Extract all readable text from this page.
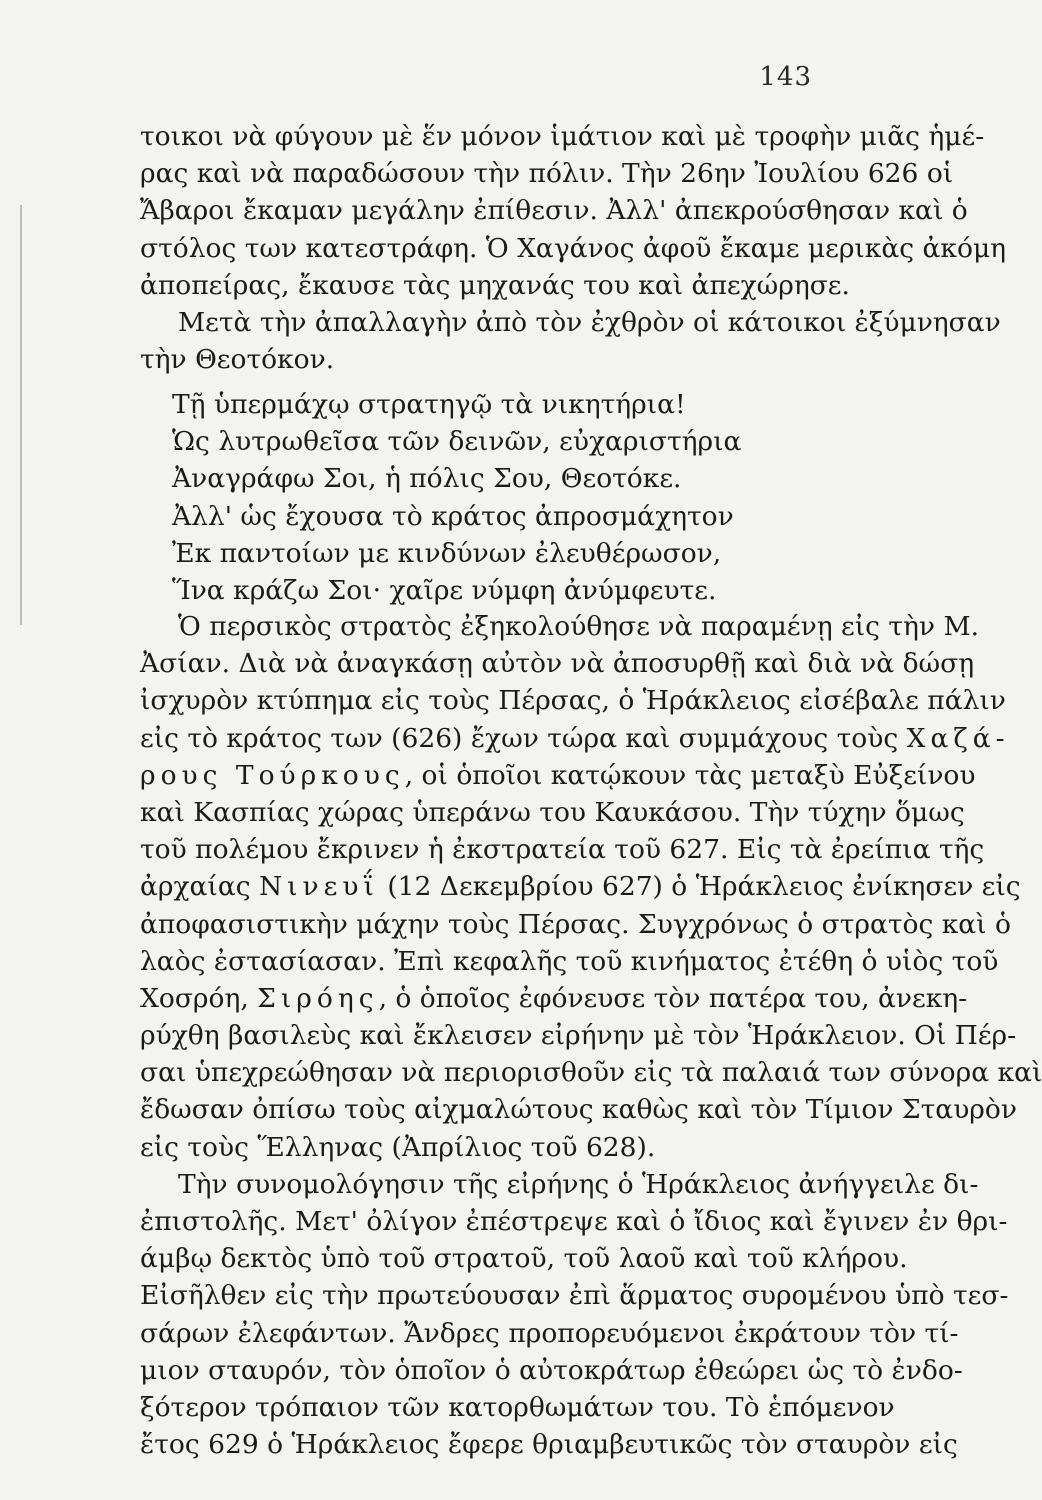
143
τοικοι νὰ φύγουν μὲ ἕν μόνον ἱμάτιον καὶ μὲ τροφὴν μιᾶς ἡμέ-
ρας καὶ νὰ παραδώσουν τὴν πόλιν. Τὴν 26ην Ἰουλίου 626 οἱ
Ἄβαροι ἔκαμαν μεγάλην ἐπίθεσιν. Ἀλλ' ἀπεκρούσθησαν καὶ ὁ
στόλος των κατεστράφη. Ὁ Χαγάνος ἀφοῦ ἔκαμε μερικὰς ἀκόμη
ἀποπείρας, ἔκαυσε τὰς μηχανάς του καὶ ἀπεχώρησε.
Μετὰ τὴν ἀπαλλαγὴν ἀπὸ τὸν ἐχθρὸν οἱ κάτοικοι ἐξύμνησαν
τὴν Θεοτόκον.
Τῇ ὑπερμάχῳ στρατηγῷ τὰ νικητήρια!
Ὡς λυτρωθεῖσα τῶν δεινῶν, εὐχαριστήρια
Ἀναγράφω Σοι, ἡ πόλις Σου, Θεοτόκε.
Ἀλλ' ὡς ἔχουσα τὸ κράτος ἀπροσμάχητον
Ἐκ παντοίων με κινδύνων ἐλευθέρωσον,
Ἵνα κράζω Σοι· χαῖρε νύμφη ἀνύμφευτε.
Ὁ περσικὸς στρατὸς ἐξηκολούθησε νὰ παραμένῃ εἰς τὴν Μ.
Ἀσίαν. Διὰ νὰ ἀναγκάσῃ αὐτὸν νὰ ἀποσυρθῇ καὶ διὰ νὰ δώσῃ
ἰσχυρὸν κτύπημα εἰς τοὺς Πέρσας, ὁ Ἡράκλειος εἰσέβαλε πάλιν
εἰς τὸ κράτος των (626) ἔχων τώρα καὶ συμμάχους τοὺς Χαζά-
ρους Τούρκους, οἱ ὁποῖοι κατῴκουν τὰς μεταξὺ Εὐξείνου
καὶ Κασπίας χώρας ὑπεράνω του Καυκάσου. Τὴν τύχην ὅμως
τοῦ πολέμου ἔκρινεν ἡ ἐκστρατεία τοῦ 627. Εἰς τὰ ἐρείπια τῆς
ἀρχαίας Νινευΐ (12 Δεκεμβρίου 627) ὁ Ἡράκλειος ἐνίκησεν εἰς
ἀποφασιστικὴν μάχην τοὺς Πέρσας. Συγχρόνως ὁ στρατὸς καὶ ὁ
λαὸς ἐστασίασαν. Ἐπὶ κεφαλῆς τοῦ κινήματος ἐτέθη ὁ υἱὸς τοῦ
Χοσρόη, Σιρόης, ὁ ὁποῖος ἐφόνευσε τὸν πατέρα του, ἀνεκη-
ρύχθη βασιλεὺς καὶ ἔκλεισεν εἰρήνην μὲ τὸν Ἡράκλειον. Οἱ Πέρ-
σαι ὑπεχρεώθησαν νὰ περιορισθοῦν εἰς τὰ παλαιά των σύνορα καὶ
ἔδωσαν ὀπίσω τοὺς αἰχμαλώτους καθὼς καὶ τὸν Τίμιον Σταυρὸν
εἰς τοὺς Ἕλληνας (Ἀπρίλιος τοῦ 628).
Τὴν συνομολόγησιν τῆς εἰρήνης ὁ Ἡράκλειος ἀνήγγειλε δι-
ἐπιστολῆς. Μετ' ὀλίγον ἐπέστρεψε καὶ ὁ ἴδιος καὶ ἔγινεν ἐν θρι-
άμβῳ δεκτὸς ὑπὸ τοῦ στρατοῦ, τοῦ λαοῦ καὶ τοῦ κλήρου.
Εἰσῆλθεν εἰς τὴν πρωτεύουσαν ἐπὶ ἅρματος συρομένου ὑπὸ τεσ-
σάρων ἐλεφάντων. Ἄνδρες προπορευόμενοι ἐκράτουν τὸν τί-
μιον σταυρόν, τὸν ὁποῖον ὁ αὐτοκράτωρ ἐθεώρει ὡς τὸ ἐνδο-
ξότερον τρόπαιον τῶν κατορθωμάτων του. Τὸ ἑπόμενον
ἔτος 629 ὁ Ἡράκλειος ἔφερε θριαμβευτικῶς τὸν σταυρὸν εἰς
